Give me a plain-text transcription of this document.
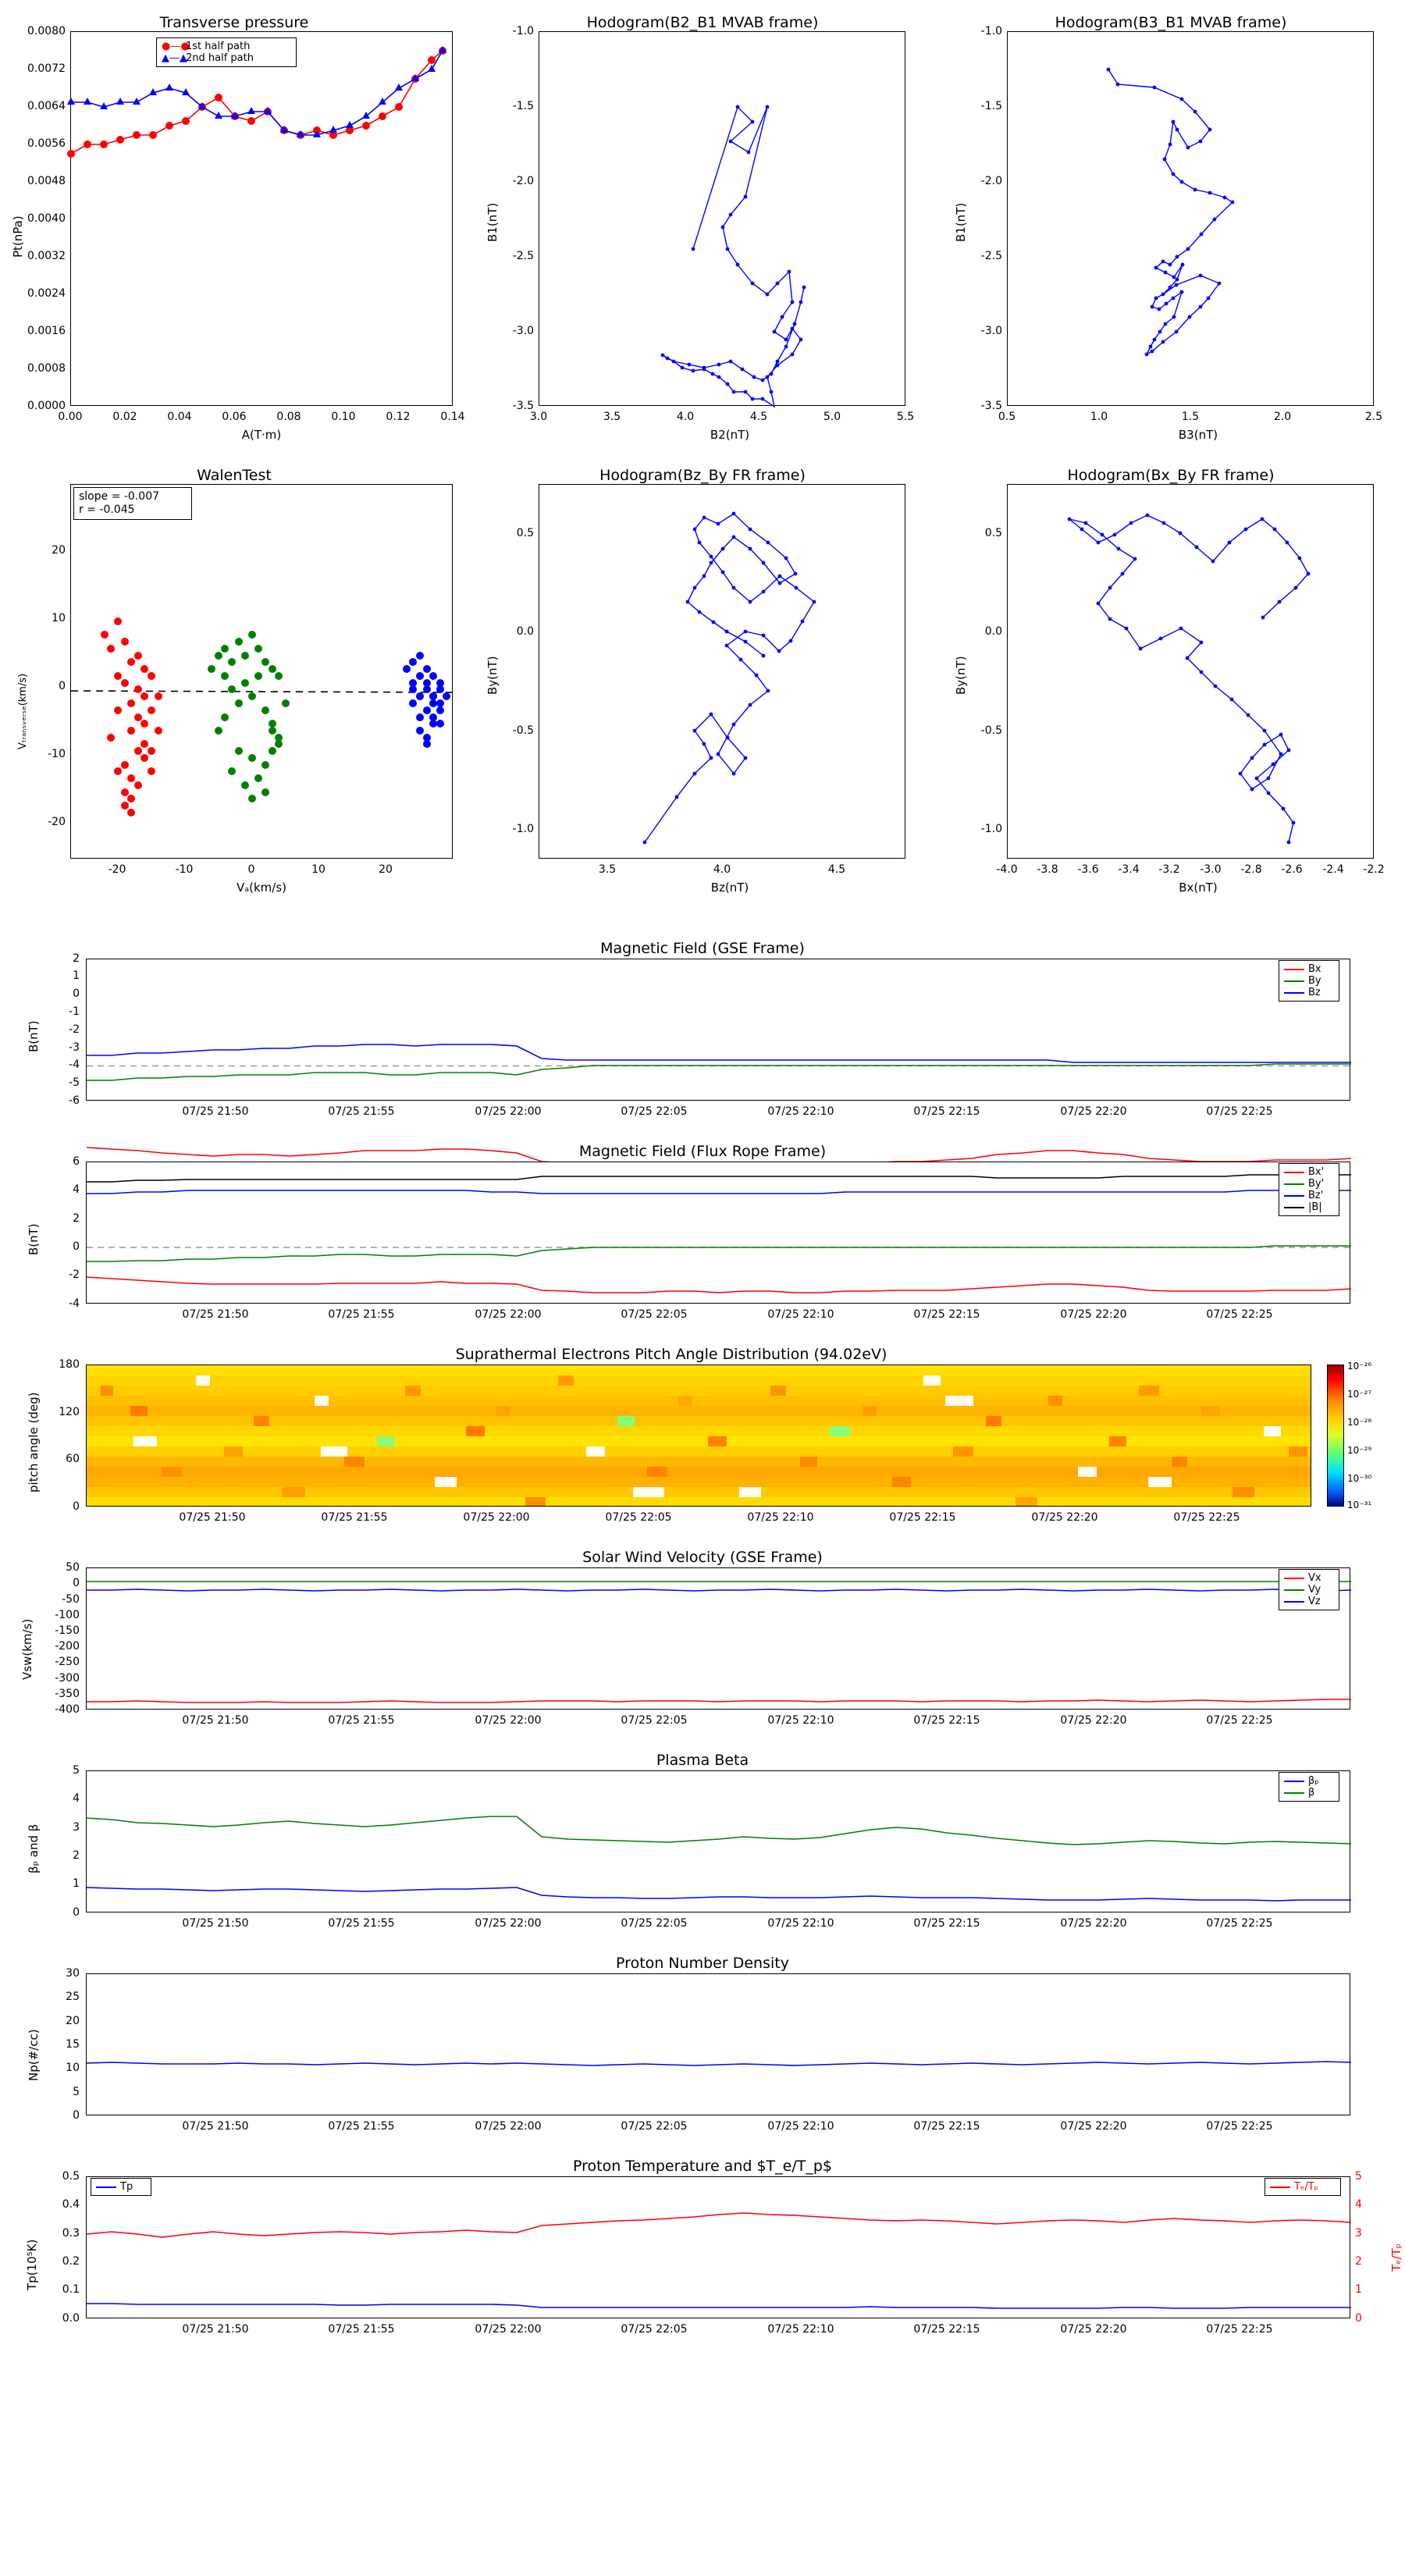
Transverse pressure
●—●
1st half path
▲—▲
2nd half path
0.0080
0.0072
0.0064
0.0056
0.0048
0.0040
0.0032
0.0024
0.0016
0.0008
0.0000
0.00	0.02	0.04	0.06	0.08	0.10	0.12	0.14
A(T·m)
Pt(nPa)
Hodogram(B2_B1 MVAB frame)
-1.0
-1.5
-2.0
-2.5
-3.0
-3.5
3.0	3.5	4.0	4.5	5.0	5.5
B2(nT)
B1(nT)
Hodogram(B3_B1 MVAB frame)
-1.0
-1.5
-2.0
-2.5
-3.0
-3.5
0.5	1.0	1.5	2.0	2.5
B3(nT)
B1(nT)
WalenTest
slope = -0.007
r = -0.045
20
10
0
-10
-20
-20	-10	0	10	20
Vₐ(km/s)
Vₜᵣₐₙₛᵥₑᵣₛₑ(km/s)
Hodogram(Bz_By FR frame)
0.5
0.0
-0.5
-1.0
3.5	4.0	4.5
Bz(nT)
By(nT)
Hodogram(Bx_By FR frame)
0.5
0.0
-0.5
-1.0
-4.0 -3.8 -3.6 -3.4 -3.2 -3.0 -2.8 -2.6 -2.4 -2.2
Bx(nT)
By(nT)
Magnetic Field (GSE Frame)
Bx
By
Bz
2
1
0
-1
-2
-3
-4
-5
-6
B(nT)
07/25 21:50	07/25 21:55	07/25 22:00	07/25 22:05	07/25 22:10	07/25 22:15	07/25 22:20	07/25 22:25
Magnetic Field (Flux Rope Frame)
Bx'
By'
Bz'
|B|
6
4
2
0
-2
-4
B(nT)
07/25 21:50	07/25 21:55	07/25 22:00	07/25 22:05	07/25 22:10	07/25 22:15	07/25 22:20	07/25 22:25
Suprathermal Electrons Pitch Angle Distribution (94.02eV)
180
120
60
0
pitch angle (deg)
07/25 21:50	07/25 21:55	07/25 22:00	07/25 22:05	07/25 22:10	07/25 22:15	07/25 22:20	07/25 22:25
10⁻²⁶
10⁻²⁷
10⁻²⁸
10⁻²⁹
10⁻³⁰
10⁻³¹
Solar Wind Velocity (GSE Frame)
Vx
Vy
Vz
50
0
-50
-100
-150
-200
-250
-300
-350
-400
Vsw(km/s)
07/25 21:50	07/25 21:55	07/25 22:00	07/25 22:05	07/25 22:10	07/25 22:15	07/25 22:20	07/25 22:25
Plasma Beta
βₚ
β
5
4
3
2
1
0
βₚ and β
07/25 21:50	07/25 21:55	07/25 22:00	07/25 22:05	07/25 22:10	07/25 22:15	07/25 22:20	07/25 22:25
Proton Number Density
30
25
20
15
10
5
0
Np(#/cc)
07/25 21:50	07/25 21:55	07/25 22:00	07/25 22:05	07/25 22:10	07/25 22:15	07/25 22:20	07/25 22:25
Proton Temperature and $T_e/T_p$
Tp	Tₑ/Tₚ
0.5
0.4
0.3
0.2
0.1
0.0
Tp(10⁵K)
5
4
3
2
1
0
Tₑ/Tₚ
07/25 21:50	07/25 21:55	07/25 22:00	07/25 22:05	07/25 22:10	07/25 22:15	07/25 22:20	07/25 22:25
